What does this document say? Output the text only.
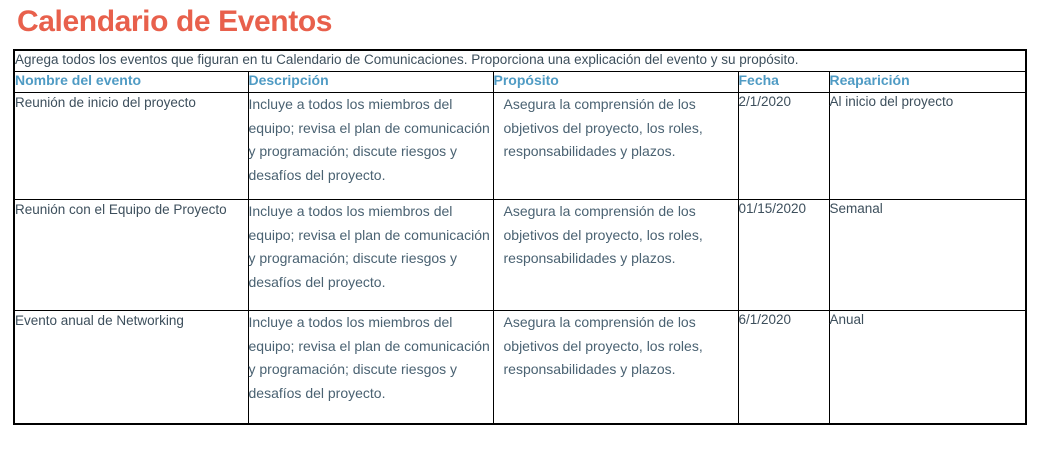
Calendario de Eventos
Agrega todos los eventos que figuran en tu Calendario de Comunicaciones. Proporciona una explicación del evento y su propósito.				
Nombre del evento	Descripción	Propósito	Fecha	Reaparición
Reunión de inicio del proyecto	Incluye a todos los miembros del equipo; revisa el plan de comunicación y programación; discute riesgos y desafíos del proyecto.	Asegura la comprensión de los objetivos del proyecto, los roles, responsabilidades y plazos.	2/1/2020	Al inicio del proyecto
Reunión con el Equipo de Proyecto	Incluye a todos los miembros del equipo; revisa el plan de comunicación y programación; discute riesgos y desafíos del proyecto.	Asegura la comprensión de los objetivos del proyecto, los roles, responsabilidades y plazos.	01/15/2020	Semanal
Evento anual de Networking	Incluye a todos los miembros del equipo; revisa el plan de comunicación y programación; discute riesgos y desafíos del proyecto.	Asegura la comprensión de los objetivos del proyecto, los roles, responsabilidades y plazos.	6/1/2020	Anual
